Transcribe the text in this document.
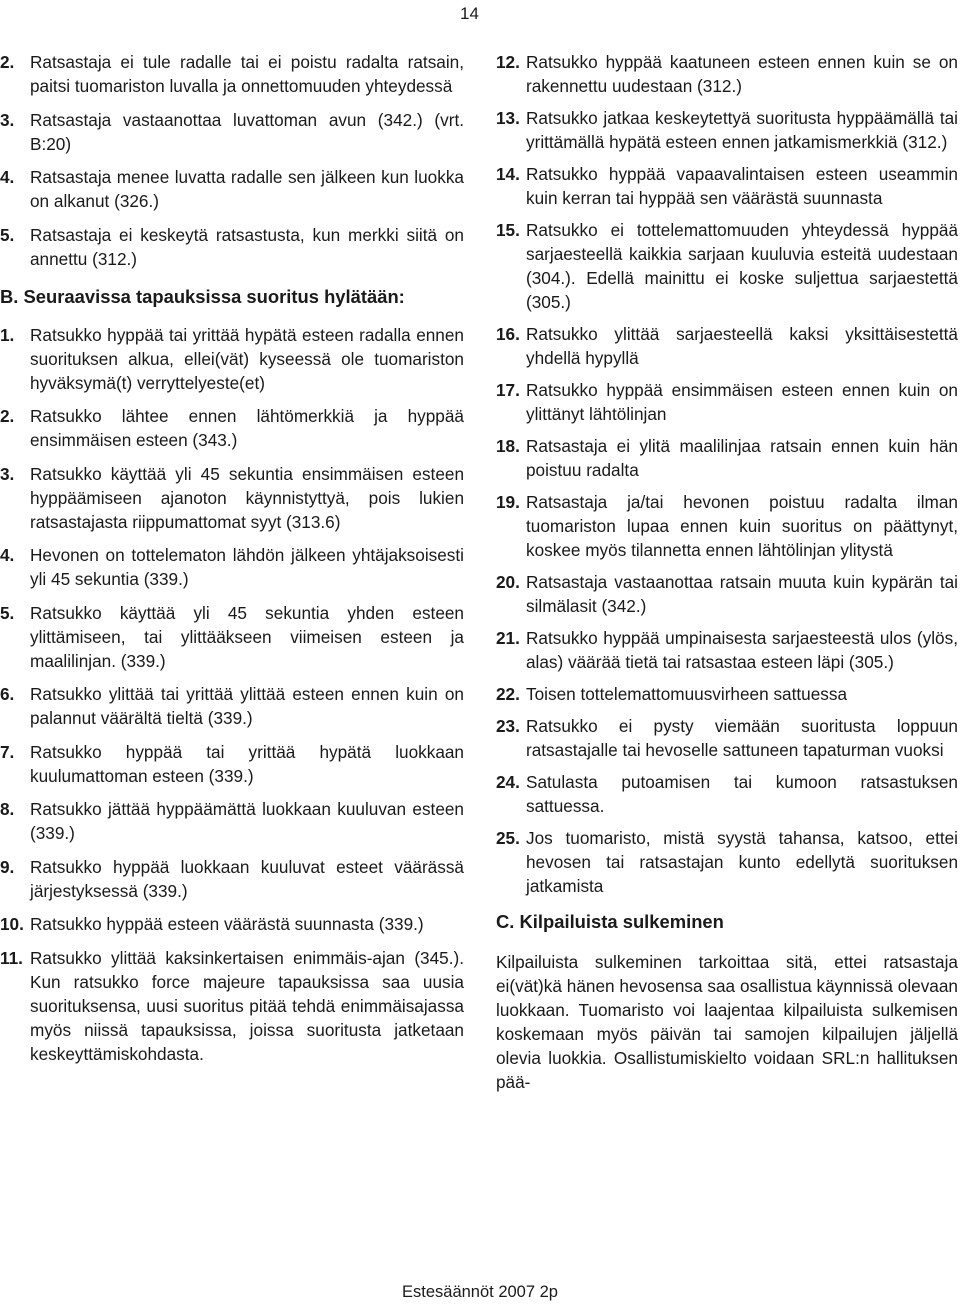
14
2. Ratsastaja ei tule radalle tai ei poistu radalta ratsain, paitsi tuomariston luvalla ja onnettomuuden yhteydessä
3. Ratsastaja vastaanottaa luvattoman avun (342.) (vrt. B:20)
4. Ratsastaja menee luvatta radalle sen jälkeen kun luokka on alkanut (326.)
5. Ratsastaja ei keskeytä ratsastusta, kun merkki siitä on annettu (312.)
B. Seuraavissa tapauksissa suoritus hylätään:
1. Ratsukko hyppää tai yrittää hypätä esteen radalla ennen suorituksen alkua, ellei(vät) kyseessä ole tuomariston hyväksymä(t) verryttelyeste(et)
2. Ratsukko lähtee ennen lähtömerkkiä ja hyppää ensimmäisen esteen (343.)
3. Ratsukko käyttää yli 45 sekuntia ensimmäisen esteen hyppäämiseen ajanoton käynnistyttyä, pois lukien ratsastajasta riippumattomat syyt (313.6)
4. Hevonen on tottelematon lähdön jälkeen yhtäjaksoisesti yli 45 sekuntia (339.)
5. Ratsukko käyttää yli 45 sekuntia yhden esteen ylittämiseen, tai ylittääkseen viimeisen esteen ja maalilinjan. (339.)
6. Ratsukko ylittää tai yrittää ylittää esteen ennen kuin on palannut väärältä tieltä (339.)
7. Ratsukko hyppää tai yrittää hypätä luokkaan kuulumattoman esteen (339.)
8. Ratsukko jättää hyppäämättä luokkaan kuuluvan esteen (339.)
9. Ratsukko hyppää luokkaan kuuluvat esteet väärässä järjestyksessä (339.)
10. Ratsukko hyppää esteen väärästä suunnasta (339.)
11. Ratsukko ylittää kaksinkertaisen enimmäis-ajan (345.). Kun ratsukko force majeure tapauksissa saa uusia suorituksensa, uusi suoritus pitää tehdä enimmäisajassa myös niissä tapauksissa, joissa suoritusta jatketaan keskeyttämiskohdasta.
12. Ratsukko hyppää kaatuneen esteen ennen kuin se on rakennettu uudestaan (312.)
13. Ratsukko jatkaa keskeytettyä suoritusta hyppäämällä tai yrittämällä hypätä esteen ennen jatkamismerkkiä (312.)
14. Ratsukko hyppää vapaavalintaisen esteen useammin kuin kerran tai hyppää sen väärästä suunnasta
15. Ratsukko ei tottelemattomuuden yhteydessä hyppää sarjaesteellä kaikkia sarjaan kuuluvia esteitä uudestaan (304.). Edellä mainittu ei koske suljettua sarjaestettä (305.)
16. Ratsukko ylittää sarjaesteellä kaksi yksittäisestettä yhdellä hypyllä
17. Ratsukko hyppää ensimmäisen esteen ennen kuin on ylittänyt lähtölinjan
18. Ratsastaja ei ylitä maalilinjaa ratsain ennen kuin hän poistuu radalta
19. Ratsastaja ja/tai hevonen poistuu radalta ilman tuomariston lupaa ennen kuin suoritus on päättynyt, koskee myös tilannetta ennen lähtölinjan ylitystä
20. Ratsastaja vastaanottaa ratsain muuta kuin kypärän tai silmälasit (342.)
21. Ratsukko hyppää umpinaisesta sarjaesteestä ulos (ylös, alas) väärää tietä tai ratsastaa esteen läpi (305.)
22. Toisen tottelemattomuusvirheen sattuessa
23. Ratsukko ei pysty viemään suoritusta loppuun ratsastajalle tai hevoselle sattuneen tapaturman vuoksi
24. Satulasta putoamisen tai kumoon ratsastuksen sattuessa.
25. Jos tuomaristo, mistä syystä tahansa, katsoo, ettei hevosen tai ratsastajan kunto edellytä suorituksen jatkamista
C. Kilpailuista sulkeminen
Kilpailuista sulkeminen tarkoittaa sitä, ettei ratsastaja ei(vät)kä hänen hevosensa saa osallistua käynnissä olevaan luokkaan. Tuomaristo voi laajentaa kilpailuista sulkemisen koskemaan myös päivän tai samojen kilpailujen jäljellä olevia luokkia. Osallistumiskielto voidaan SRL:n hallituksen pää-
Estesäännöt 2007 2p
